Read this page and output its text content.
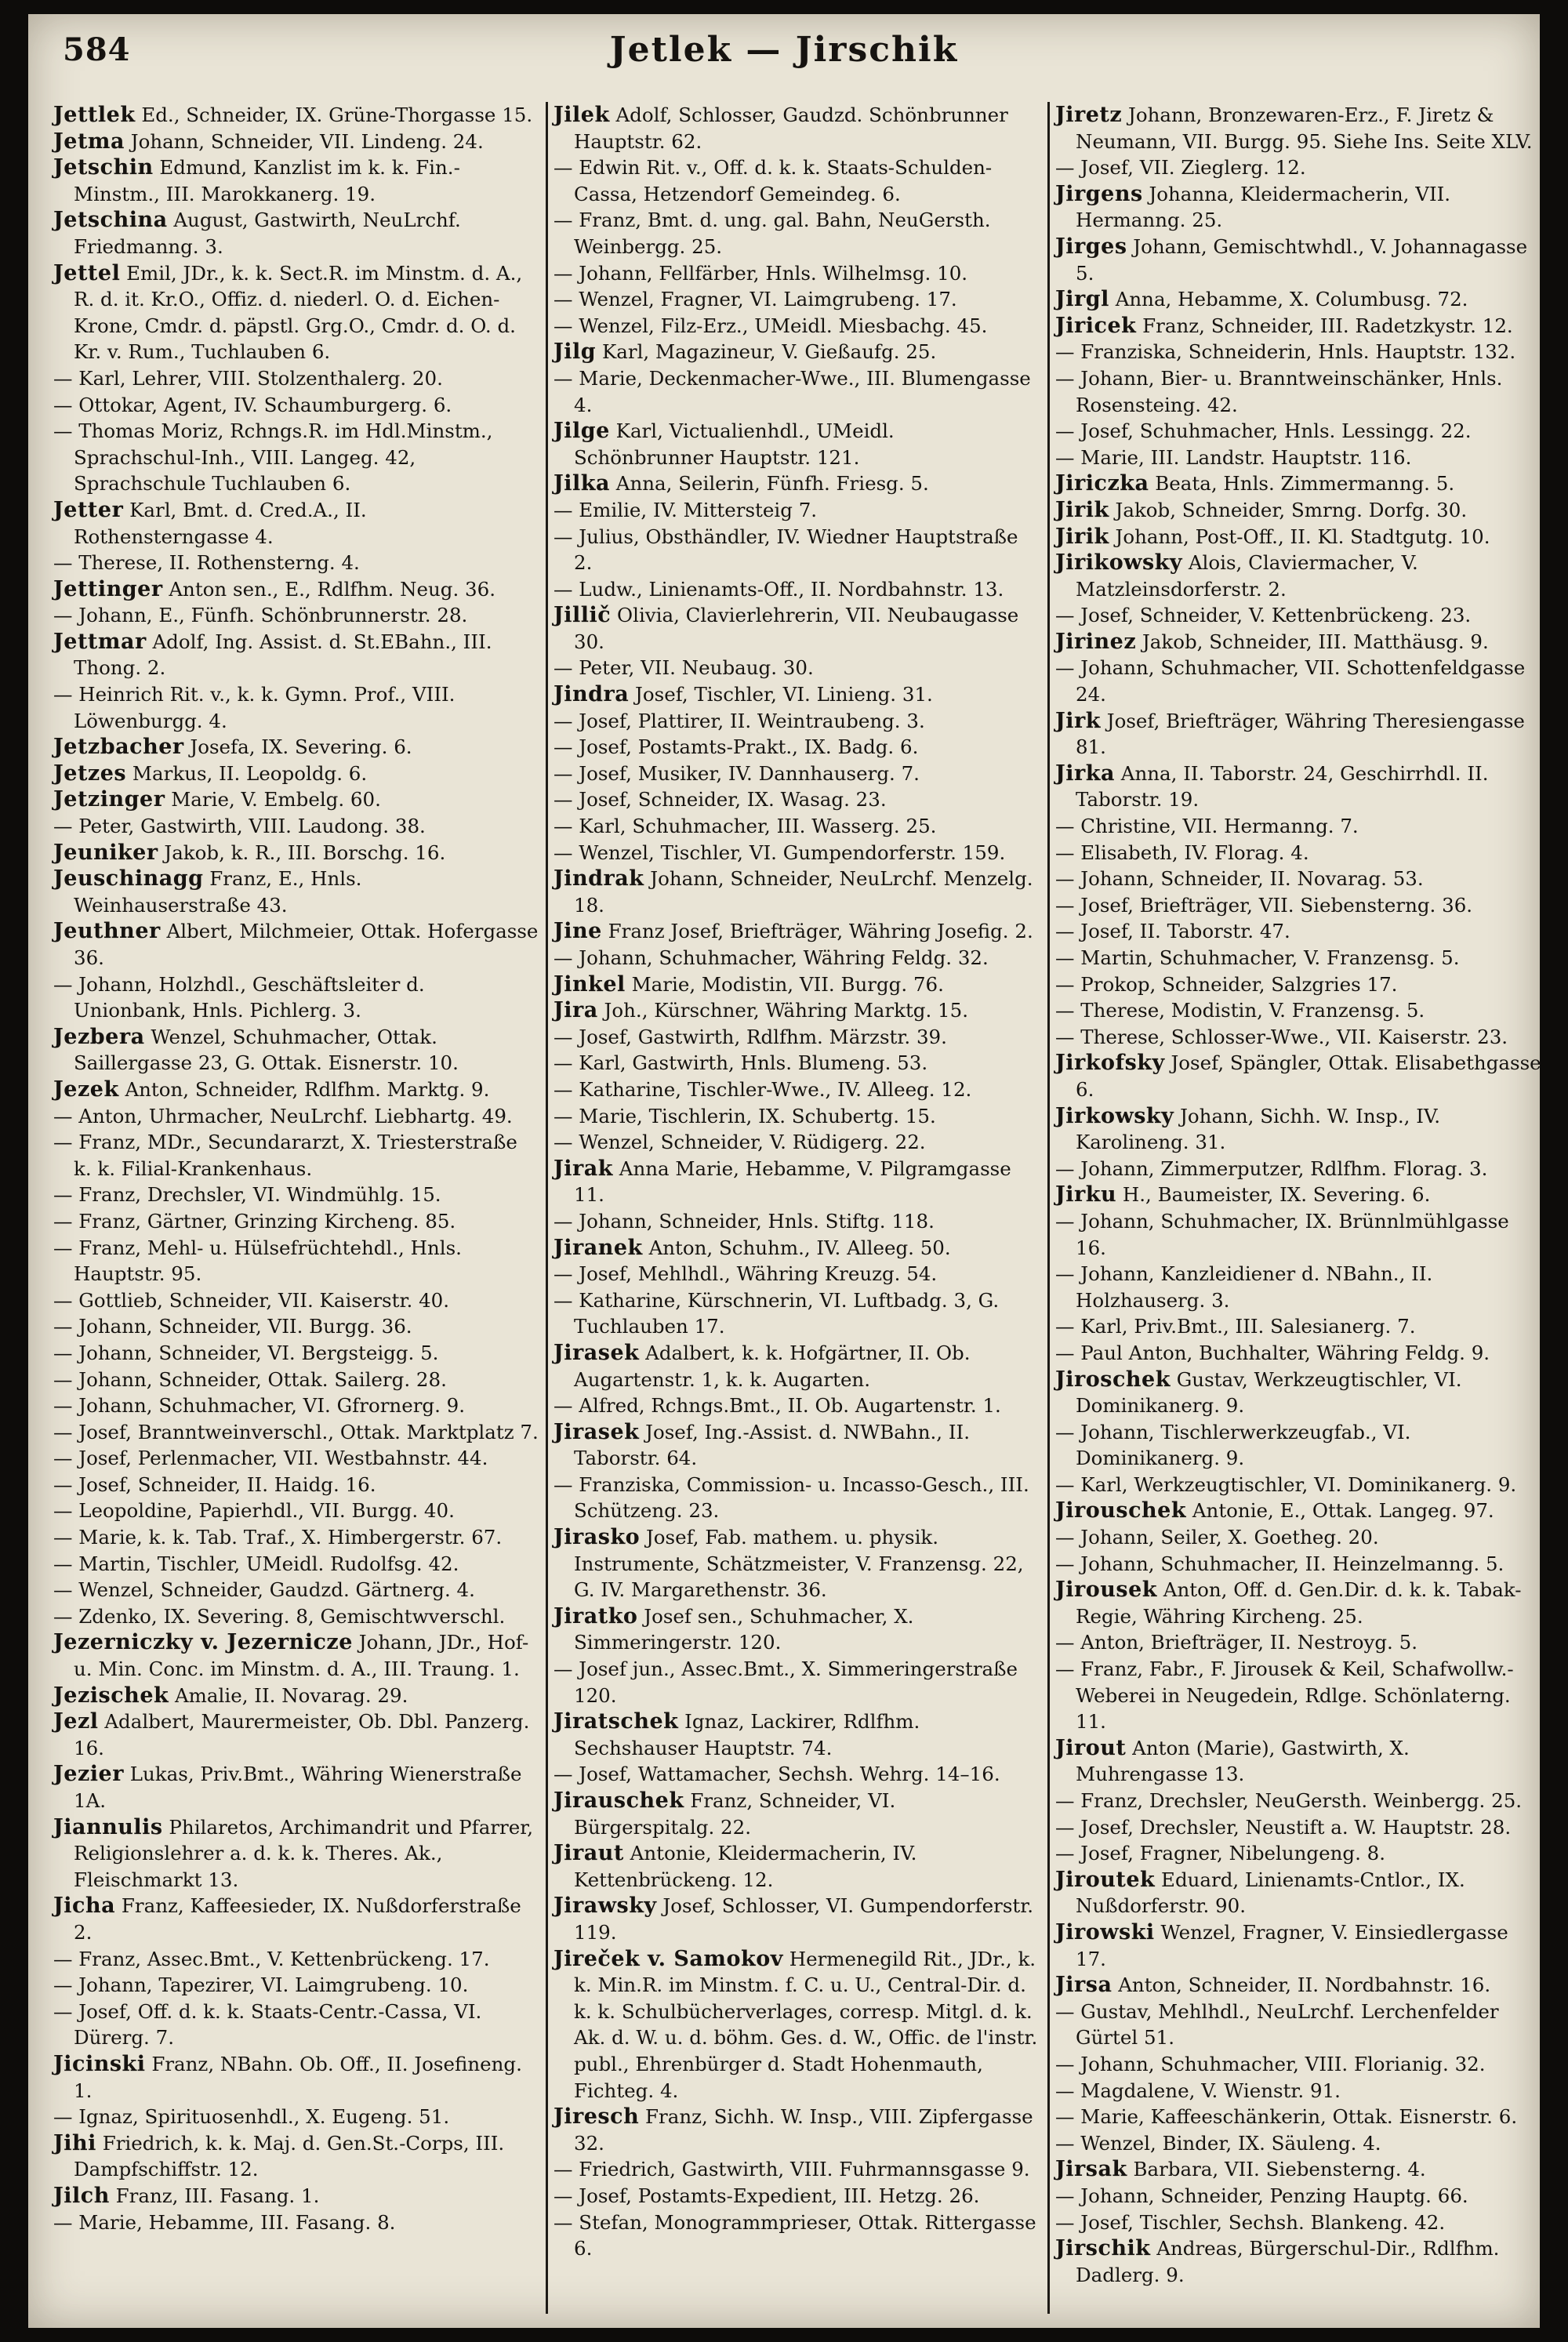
584	Jetlek — Jirschik
Jettlek Ed., Schneider, IX. Grüne-Thorgasse 15.
Jetma Johann, Schneider, VII. Lindeng. 24.
Jetschin Edmund, Kanzlist im k. k. Fin.-Minstm., III. Marokkanerg. 19.
Jetschina August, Gastwirth, NeuLrchf. Friedmanng. 3.
Jettel Emil, JDr., k. k. Sect.R. im Minstm. d. A., R. d. it. Kr.O., Offiz. d. niederl. O. d. Eichen-Krone, Cmdr. d. päpstl. Grg.O., Cmdr. d. O. d. Kr. v. Rum., Tuchlauben 6.
— Karl, Lehrer, VIII. Stolzenthalerg. 20.
— Ottokar, Agent, IV. Schaumburgerg. 6.
— Thomas Moriz, Rchngs.R. im Hdl.Minstm., Sprachschul-Inh., VIII. Langeg. 42, Sprachschule Tuchlauben 6.
Jetter Karl, Bmt. d. Cred.A., II. Rothensterngasse 4.
— Therese, II. Rothensterng. 4.
Jettinger Anton sen., E., Rdlfhm. Neug. 36.
— Johann, E., Fünfh. Schönbrunnerstr. 28.
Jettmar Adolf, Ing. Assist. d. St.EBahn., III. Thong. 2.
— Heinrich Rit. v., k. k. Gymn. Prof., VIII. Löwenburgg. 4.
Jetzbacher Josefa, IX. Severing. 6.
Jetzes Markus, II. Leopoldg. 6.
Jetzinger Marie, V. Embelg. 60.
— Peter, Gastwirth, VIII. Laudong. 38.
Jeuniker Jakob, k. R., III. Borschg. 16.
Jeuschinagg Franz, E., Hnls. Weinhauserstraße 43.
Jeuthner Albert, Milchmeier, Ottak. Hofergasse 36.
— Johann, Holzhdl., Geschäftsleiter d. Unionbank, Hnls. Pichlerg. 3.
Jezbera Wenzel, Schuhmacher, Ottak. Saillergasse 23, G. Ottak. Eisnerstr. 10.
Jezek Anton, Schneider, Rdlfhm. Marktg. 9.
— Anton, Uhrmacher, NeuLrchf. Liebhartg. 49.
— Franz, MDr., Secundararzt, X. Triesterstraße k. k. Filial-Krankenhaus.
— Franz, Drechsler, VI. Windmühlg. 15.
— Franz, Gärtner, Grinzing Kircheng. 85.
— Franz, Mehl- u. Hülsefrüchtehdl., Hnls. Hauptstr. 95.
— Gottlieb, Schneider, VII. Kaiserstr. 40.
— Johann, Schneider, VII. Burgg. 36.
— Johann, Schneider, VI. Bergsteigg. 5.
— Johann, Schneider, Ottak. Sailerg. 28.
— Johann, Schuhmacher, VI. Gfrornerg. 9.
— Josef, Branntweinverschl., Ottak. Marktplatz 7.
— Josef, Perlenmacher, VII. Westbahnstr. 44.
— Josef, Schneider, II. Haidg. 16.
— Leopoldine, Papierhdl., VII. Burgg. 40.
— Marie, k. k. Tab. Traf., X. Himbergerstr. 67.
— Martin, Tischler, UMeidl. Rudolfsg. 42.
— Wenzel, Schneider, Gaudzd. Gärtnerg. 4.
— Zdenko, IX. Severing. 8, Gemischtwverschl.
Jezerniczky v. Jezernicze Johann, JDr., Hof- u. Min. Conc. im Minstm. d. A., III. Traung. 1.
Jezischek Amalie, II. Novarag. 29.
Jezl Adalbert, Maurermeister, Ob. Dbl. Panzerg. 16.
Jezier Lukas, Priv.Bmt., Währing Wienerstraße 1A.
Jiannulis Philaretos, Archimandrit und Pfarrer, Religionslehrer a. d. k. k. Theres. Ak., Fleischmarkt 13.
Jicha Franz, Kaffeesieder, IX. Nußdorferstraße 2.
— Franz, Assec.Bmt., V. Kettenbrückeng. 17.
— Johann, Tapezirer, VI. Laimgrubeng. 10.
— Josef, Off. d. k. k. Staats-Centr.-Cassa, VI. Dürerg. 7.
Jicinski Franz, NBahn. Ob. Off., II. Josefineng. 1.
— Ignaz, Spirituosenhdl., X. Eugeng. 51.
Jihi Friedrich, k. k. Maj. d. Gen.St.-Corps, III. Dampfschiffstr. 12.
Jilch Franz, III. Fasang. 1.
— Marie, Hebamme, III. Fasang. 8.
Jilek Adolf, Schlosser, Gaudzd. Schönbrunner Hauptstr. 62.
— Edwin Rit. v., Off. d. k. k. Staats-Schulden-Cassa, Hetzendorf Gemeindeg. 6.
— Franz, Bmt. d. ung. gal. Bahn, NeuGersth. Weinbergg. 25.
— Johann, Fellfärber, Hnls. Wilhelmsg. 10.
— Wenzel, Fragner, VI. Laimgrubeng. 17.
— Wenzel, Filz-Erz., UMeidl. Miesbachg. 45.
Jilg Karl, Magazineur, V. Gießaufg. 25.
— Marie, Deckenmacher-Wwe., III. Blumengasse 4.
Jilge Karl, Victualienhdl., UMeidl. Schönbrunner Hauptstr. 121.
Jilka Anna, Seilerin, Fünfh. Friesg. 5.
— Emilie, IV. Mittersteig 7.
— Julius, Obsthändler, IV. Wiedner Hauptstraße 2.
— Ludw., Linienamts-Off., II. Nordbahnstr. 13.
Jillič Olivia, Clavierlehrerin, VII. Neubaugasse 30.
— Peter, VII. Neubaug. 30.
Jindra Josef, Tischler, VI. Linieng. 31.
— Josef, Plattirer, II. Weintraubeng. 3.
— Josef, Postamts-Prakt., IX. Badg. 6.
— Josef, Musiker, IV. Dannhauserg. 7.
— Josef, Schneider, IX. Wasag. 23.
— Karl, Schuhmacher, III. Wasserg. 25.
— Wenzel, Tischler, VI. Gumpendorferstr. 159.
Jindrak Johann, Schneider, NeuLrchf. Menzelg. 18.
Jine Franz Josef, Briefträger, Währing Josefig. 2.
— Johann, Schuhmacher, Währing Feldg. 32.
Jinkel Marie, Modistin, VII. Burgg. 76.
Jira Joh., Kürschner, Währing Marktg. 15.
— Josef, Gastwirth, Rdlfhm. Märzstr. 39.
— Karl, Gastwirth, Hnls. Blumeng. 53.
— Katharine, Tischler-Wwe., IV. Alleeg. 12.
— Marie, Tischlerin, IX. Schubertg. 15.
— Wenzel, Schneider, V. Rüdigerg. 22.
Jirak Anna Marie, Hebamme, V. Pilgramgasse 11.
— Johann, Schneider, Hnls. Stiftg. 118.
Jiranek Anton, Schuhm., IV. Alleeg. 50.
— Josef, Mehlhdl., Währing Kreuzg. 54.
— Katharine, Kürschnerin, VI. Luftbadg. 3, G. Tuchlauben 17.
Jirasek Adalbert, k. k. Hofgärtner, II. Ob. Augartenstr. 1, k. k. Augarten.
— Alfred, Rchngs.Bmt., II. Ob. Augartenstr. 1.
Jirasek Josef, Ing.-Assist. d. NWBahn., II. Taborstr. 64.
— Franziska, Commission- u. Incasso-Gesch., III. Schützeng. 23.
Jirasko Josef, Fab. mathem. u. physik. Instrumente, Schätzmeister, V. Franzensg. 22, G. IV. Margarethenstr. 36.
Jiratko Josef sen., Schuhmacher, X. Simmeringerstr. 120.
— Josef jun., Assec.Bmt., X. Simmeringerstraße 120.
Jiratschek Ignaz, Lackirer, Rdlfhm. Sechshauser Hauptstr. 74.
— Josef, Wattamacher, Sechsh. Wehrg. 14–16.
Jirauschek Franz, Schneider, VI. Bürgerspitalg. 22.
Jiraut Antonie, Kleidermacherin, IV. Kettenbrückeng. 12.
Jirawsky Josef, Schlosser, VI. Gumpendorferstr. 119.
Jireček v. Samokov Hermenegild Rit., JDr., k. k. Min.R. im Minstm. f. C. u. U., Central-Dir. d. k. k. Schulbücherverlages, corresp. Mitgl. d. k. Ak. d. W. u. d. böhm. Ges. d. W., Offic. de l'instr. publ., Ehrenbürger d. Stadt Hohenmauth, Fichteg. 4.
Jiresch Franz, Sichh. W. Insp., VIII. Zipfergasse 32.
— Friedrich, Gastwirth, VIII. Fuhrmannsgasse 9.
— Josef, Postamts-Expedient, III. Hetzg. 26.
— Stefan, Monogrammprieser, Ottak. Rittergasse 6.
Jiretz Johann, Bronzewaren-Erz., F. Jiretz & Neumann, VII. Burgg. 95. Siehe Ins. Seite XLV.
— Josef, VII. Zieglerg. 12.
Jirgens Johanna, Kleidermacherin, VII. Hermanng. 25.
Jirges Johann, Gemischtwhdl., V. Johannagasse 5.
Jirgl Anna, Hebamme, X. Columbusg. 72.
Jiricek Franz, Schneider, III. Radetzkystr. 12.
— Franziska, Schneiderin, Hnls. Hauptstr. 132.
— Johann, Bier- u. Branntweinschänker, Hnls. Rosensteing. 42.
— Josef, Schuhmacher, Hnls. Lessingg. 22.
— Marie, III. Landstr. Hauptstr. 116.
Jiriczka Beata, Hnls. Zimmermanng. 5.
Jirik Jakob, Schneider, Smrng. Dorfg. 30.
Jirik Johann, Post-Off., II. Kl. Stadtgutg. 10.
Jirikowsky Alois, Claviermacher, V. Matzleinsdorferstr. 2.
— Josef, Schneider, V. Kettenbrückeng. 23.
Jirinez Jakob, Schneider, III. Matthäusg. 9.
— Johann, Schuhmacher, VII. Schottenfeldgasse 24.
Jirk Josef, Briefträger, Währing Theresiengasse 81.
Jirka Anna, II. Taborstr. 24, Geschirrhdl. II. Taborstr. 19.
— Christine, VII. Hermanng. 7.
— Elisabeth, IV. Florag. 4.
— Johann, Schneider, II. Novarag. 53.
— Josef, Briefträger, VII. Siebensterng. 36.
— Josef, II. Taborstr. 47.
— Martin, Schuhmacher, V. Franzensg. 5.
— Prokop, Schneider, Salzgries 17.
— Therese, Modistin, V. Franzensg. 5.
— Therese, Schlosser-Wwe., VII. Kaiserstr. 23.
Jirkofsky Josef, Spängler, Ottak. Elisabethgasse 6.
Jirkowsky Johann, Sichh. W. Insp., IV. Karolineng. 31.
— Johann, Zimmerputzer, Rdlfhm. Florag. 3.
Jirku H., Baumeister, IX. Severing. 6.
— Johann, Schuhmacher, IX. Brünnlmühlgasse 16.
— Johann, Kanzleidiener d. NBahn., II. Holzhauserg. 3.
— Karl, Priv.Bmt., III. Salesianerg. 7.
— Paul Anton, Buchhalter, Währing Feldg. 9.
Jiroschek Gustav, Werkzeugtischler, VI. Dominikanerg. 9.
— Johann, Tischlerwerkzeugfab., VI. Dominikanerg. 9.
— Karl, Werkzeugtischler, VI. Dominikanerg. 9.
Jirouschek Antonie, E., Ottak. Langeg. 97.
— Johann, Seiler, X. Goetheg. 20.
— Johann, Schuhmacher, II. Heinzelmanng. 5.
Jirousek Anton, Off. d. Gen.Dir. d. k. k. Tabak-Regie, Währing Kircheng. 25.
— Anton, Briefträger, II. Nestroyg. 5.
— Franz, Fabr., F. Jirousek & Keil, Schafwollw.-Weberei in Neugedein, Rdlge. Schönlaterng. 11.
Jirout Anton (Marie), Gastwirth, X. Muhrengasse 13.
— Franz, Drechsler, NeuGersth. Weinbergg. 25.
— Josef, Drechsler, Neustift a. W. Hauptstr. 28.
— Josef, Fragner, Nibelungeng. 8.
Jiroutek Eduard, Linienamts-Cntlor., IX. Nußdorferstr. 90.
Jirowski Wenzel, Fragner, V. Einsiedlergasse 17.
Jirsa Anton, Schneider, II. Nordbahnstr. 16.
— Gustav, Mehlhdl., NeuLrchf. Lerchenfelder Gürtel 51.
— Johann, Schuhmacher, VIII. Florianig. 32.
— Magdalene, V. Wienstr. 91.
— Marie, Kaffeeschänkerin, Ottak. Eisnerstr. 6.
— Wenzel, Binder, IX. Säuleng. 4.
Jirsak Barbara, VII. Siebensterng. 4.
— Johann, Schneider, Penzing Hauptg. 66.
— Josef, Tischler, Sechsh. Blankeng. 42.
Jirschik Andreas, Bürgerschul-Dir., Rdlfhm. Dadlerg. 9.
